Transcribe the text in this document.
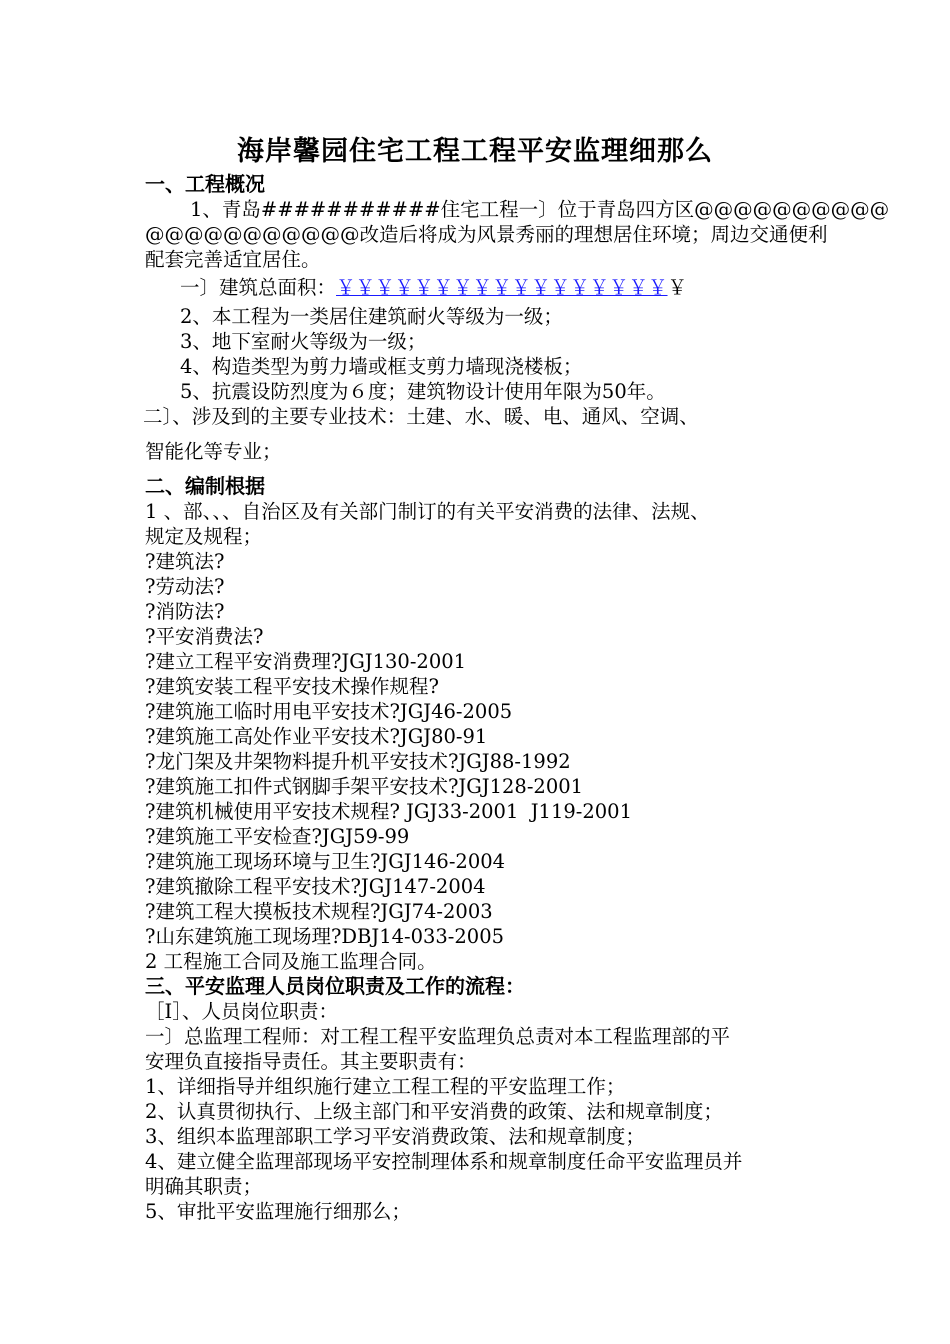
海岸馨园住宅工程工程平安监理细那么
一、工程概况
1、青岛###########住宅工程一〕位于青岛四方区@@@@@@@@@@
@@@@@@@@@@@改造后将成为风景秀丽的理想居住环境；周边交通便利
配套完善适宜居住。
一〕建筑总面积：￥￥￥￥￥￥￥￥￥￥￥￥￥￥￥￥￥￥
2、本工程为一类居住建筑耐火等级为一级；
3、地下室耐火等级为一级；
4、构造类型为剪力墙或框支剪力墙现浇楼板；
5、抗震设防烈度为６度；建筑物设计使用年限为50年。
二〕、涉及到的主要专业技术：土建、水、暖、电、通风、空调、
智能化等专业；
二、编制根据
1 、部、、、自治区及有关部门制订的有关平安消费的法律、法规、
规定及规程；
?建筑法?
?劳动法?
?消防法?
?平安消费法?
?建立工程平安消费理?JGJ130-2001
?建筑安装工程平安技术操作规程?
?建筑施工临时用电平安技术?JGJ46-2005
?建筑施工高处作业平安技术?JGJ80-91
?龙门架及井架物料提升机平安技术?JGJ88-1992
?建筑施工扣件式钢脚手架平安技术?JGJ128-2001
?建筑机械使用平安技术规程? JGJ33-2001  J119-2001
?建筑施工平安检查?JGJ59-99
?建筑施工现场环境与卫生?JGJ146-2004
?建筑撤除工程平安技术?JGJ147-2004
?建筑工程大摸板技术规程?JGJ74-2003
?山东建筑施工现场理?DBJ14-033-2005
2 工程施工合同及施工监理合同。
三、平安监理人员岗位职责及工作的流程：
［Ⅰ］、人员岗位职责：
一〕总监理工程师：对工程工程平安监理负总责对本工程监理部的平
安理负直接指导责任。其主要职责有：
1、详细指导并组织施行建立工程工程的平安监理工作；
2、认真贯彻执行、上级主部门和平安消费的政策、法和规章制度；
3、组织本监理部职工学习平安消费政策、法和规章制度；
4、建立健全监理部现场平安控制理体系和规章制度任命平安监理员并
明确其职责；
5、审批平安监理施行细那么；
